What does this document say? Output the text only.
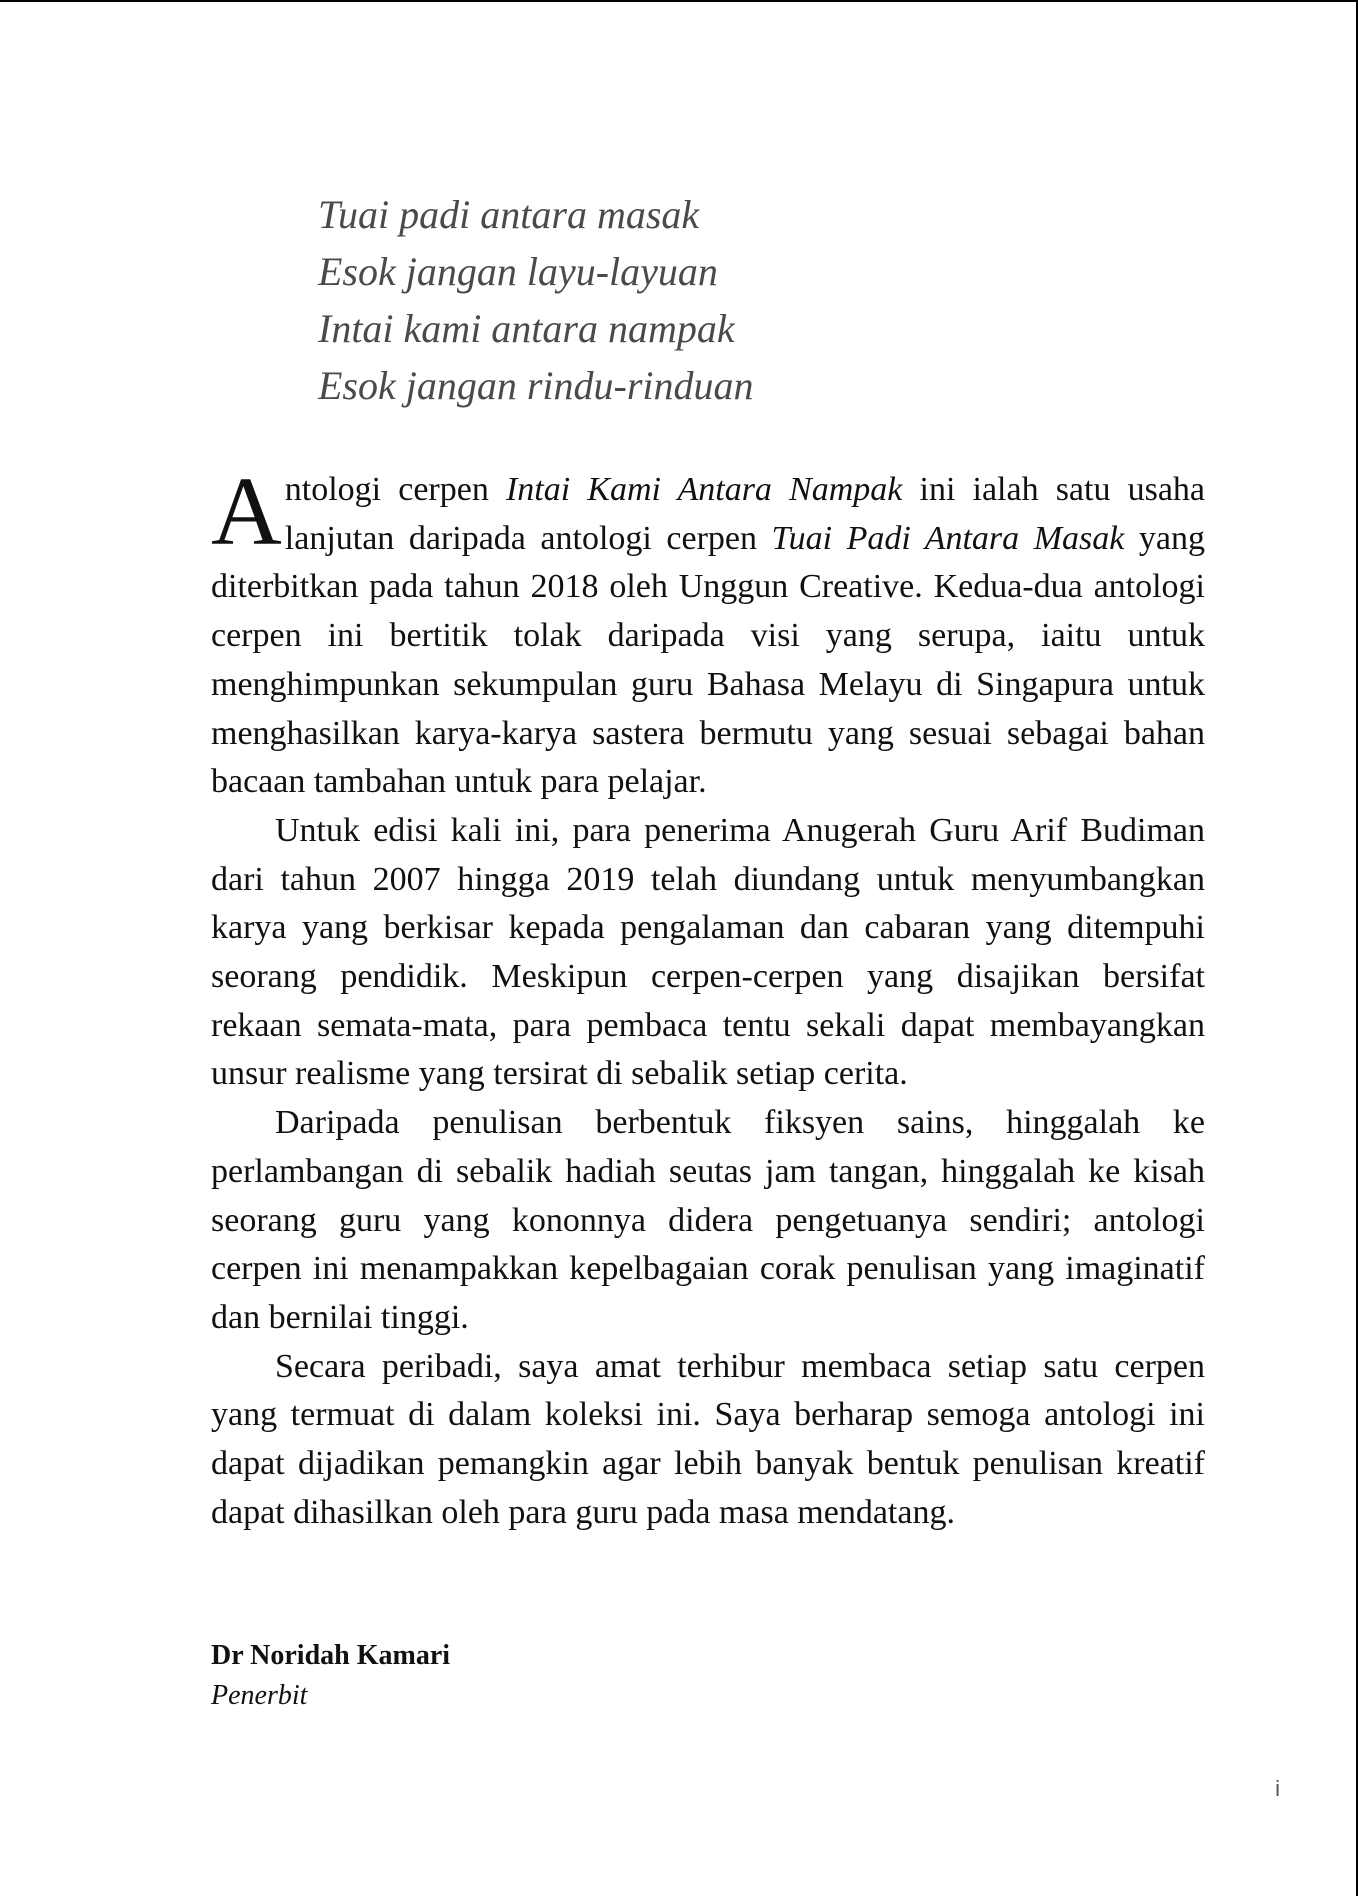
Tuai padi antara masak
Esok jangan layu-layuan
Intai kami antara nampak
Esok jangan rindu-rinduan

Antologi cerpen Intai Kami Antara Nampak ini ialah satu usaha lanjutan daripada antologi cerpen Tuai Padi Antara Masak yang diterbitkan pada tahun 2018 oleh Unggun Creative. Kedua-dua antologi cerpen ini bertitik tolak daripada visi yang serupa, iaitu untuk menghimpunkan sekumpulan guru Bahasa Melayu di Singapura untuk menghasilkan karya-karya sastera bermutu yang sesuai sebagai bahan bacaan tambahan untuk para pelajar.

Untuk edisi kali ini, para penerima Anugerah Guru Arif Budiman dari tahun 2007 hingga 2019 telah diundang untuk menyumbangkan karya yang berkisar kepada pengalaman dan cabaran yang ditempuhi seorang pendidik. Meskipun cerpen-cerpen yang disajikan bersifat rekaan semata-mata, para pembaca tentu sekali dapat membayangkan unsur realisme yang tersirat di sebalik setiap cerita.

Daripada penulisan berbentuk fiksyen sains, hinggalah ke perlambangan di sebalik hadiah seutas jam tangan, hinggalah ke kisah seorang guru yang kononnya didera pengetuanya sendiri; antologi cerpen ini menampakkan kepelbagaian corak penulisan yang imaginatif dan bernilai tinggi.

Secara peribadi, saya amat terhibur membaca setiap satu cerpen yang termuat di dalam koleksi ini. Saya berharap semoga antologi ini dapat dijadikan pemangkin agar lebih banyak bentuk penulisan kreatif dapat dihasilkan oleh para guru pada masa mendatang.

Dr Noridah Kamari
Penerbit
i
